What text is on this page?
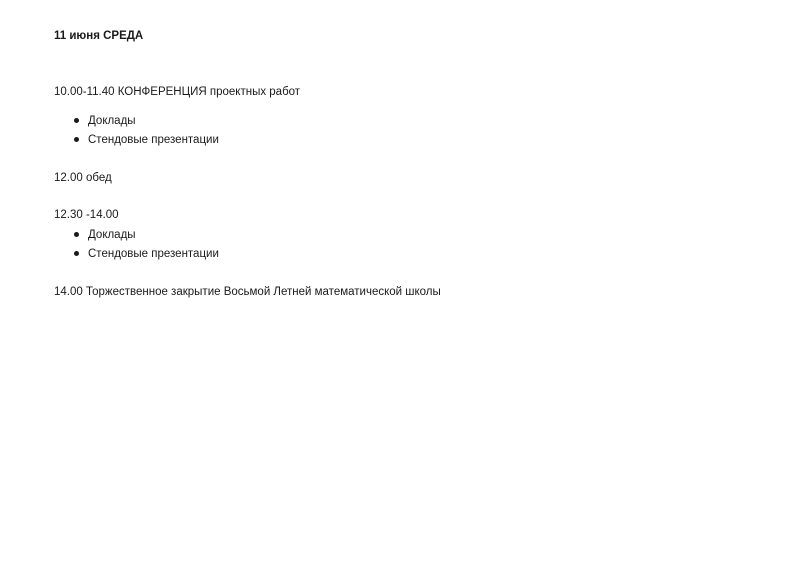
11 июня СРЕДА
10.00-11.40 КОНФЕРЕНЦИЯ проектных работ
Доклады
Стендовые презентации
12.00 обед
12.30 -14.00
Доклады
Стендовые презентации
14.00 Торжественное закрытие Восьмой Летней математической школы
